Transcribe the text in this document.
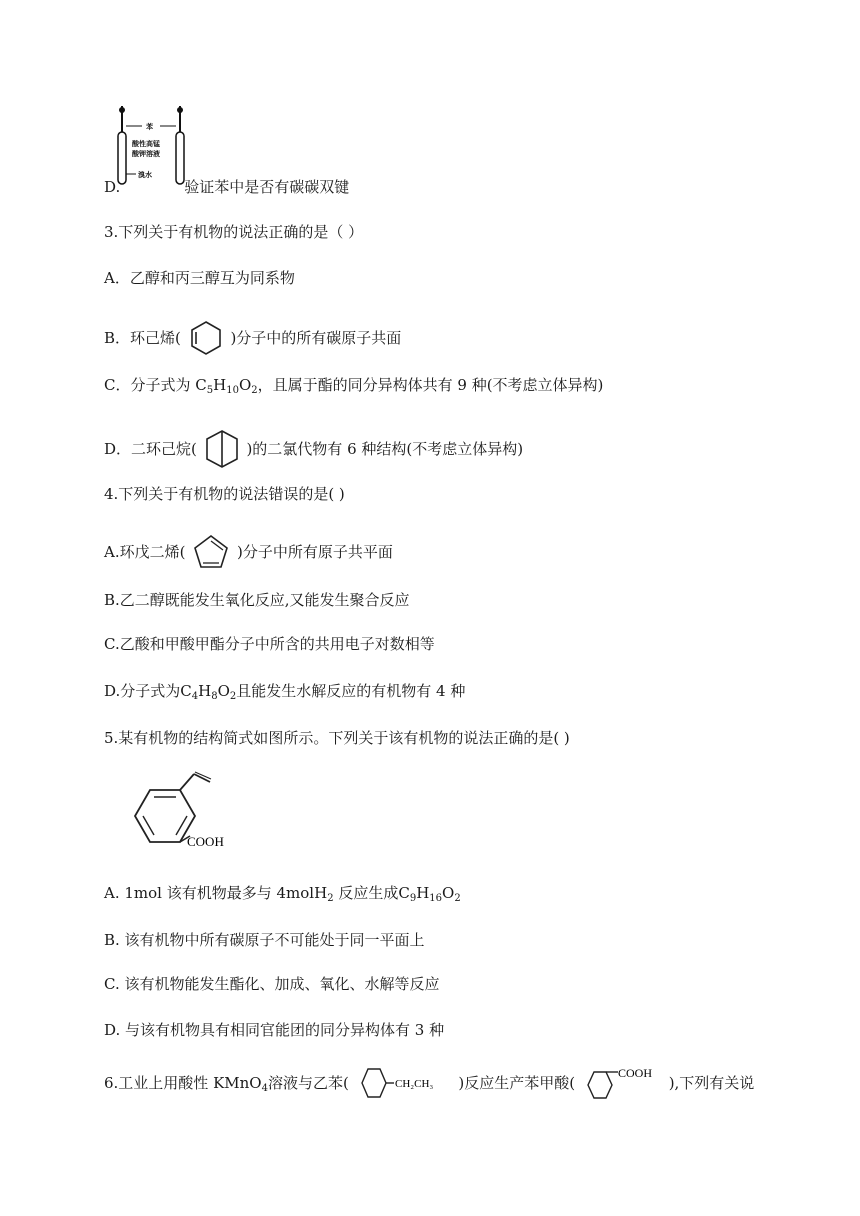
苯
酸性高锰
酸钾溶液
溴水
D.	验证苯中是否有碳碳双键
3.下列关于有机物的说法正确的是（ ）
A．乙醇和丙三醇互为同系物
B．环己烯(	)分子中的所有碳原子共面
C．分子式为 $C_5H_{10}O_2$，且属于酯的同分异构体共有 9 种(不考虑立体异构)
D．二环己烷(	)的二氯代物有 6 种结构(不考虑立体异构)
4.下列关于有机物的说法错误的是( )
A.环戊二烯(	)分子中所有原子共平面
B.乙二醇既能发生氧化反应,又能发生聚合反应
C.乙酸和甲酸甲酯分子中所含的共用电子对数相等
D.分子式为$C_4H_8O_2$且能发生水解反应的有机物有 4 种
5.某有机物的结构简式如图所示。下列关于该有机物的说法正确的是( )
COOH
A. 1mol 该有机物最多与 4molH$_2$ 反应生成$C_9H_{16}O_2$
B. 该有机物中所有碳原子不可能处于同一平面上
C. 该有机物能发生酯化、加成、氧化、水解等反应
D. 与该有机物具有相同官能团的同分异构体有 3 种
6.工业上用酸性 KMnO$_4$溶液与乙苯(	CH₂CH₃ )反应生产苯甲酸(
COOH
),下列有关说
